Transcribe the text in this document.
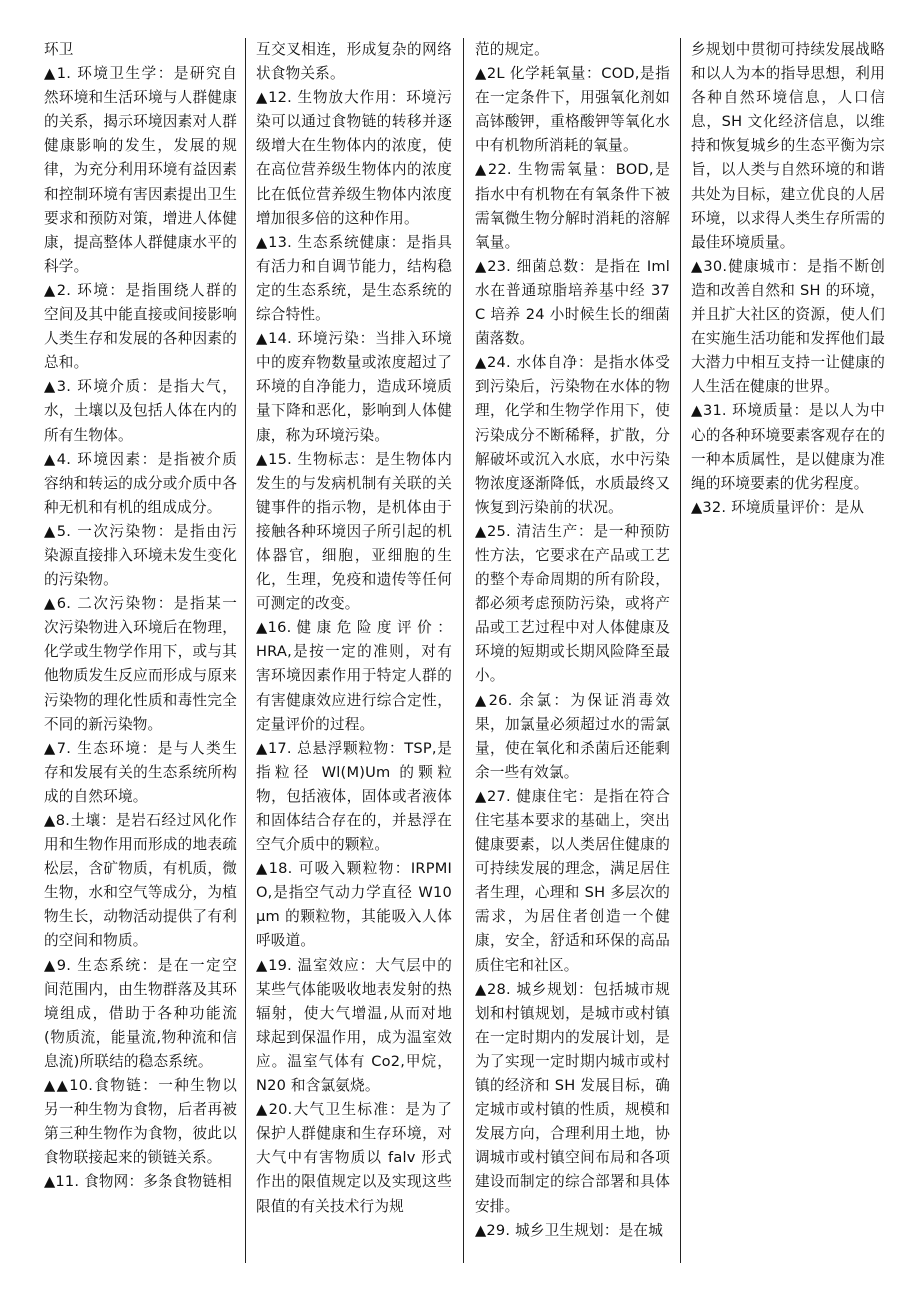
环卫

▲1. 环境卫生学：是研究自然环境和生活环境与人群健康的关系，揭示环境因素对人群健康影响的发生，发展的规律，为充分利用环境有益因素和控制环境有害因素提出卫生要求和预防对策，增进人体健康，提高整体人群健康水平的科学。

▲2. 环境：是指围绕人群的空间及其中能直接或间接影响人类生存和发展的各种因素的总和。

▲3. 环境介质：是指大气，水，土壤以及包括人体在内的所有生物体。

▲4. 环境因素：是指被介质容纳和转运的成分或介质中各种无机和有机的组成成分。

▲5. 一次污染物：是指由污染源直接排入环境未发生变化的污染物。

▲6. 二次污染物：是指某一次污染物进入环境后在物理，化学或生物学作用下，或与其他物质发生反应而形成与原来污染物的理化性质和毒性完全不同的新污染物。

▲7. 生态环境：是与人类生存和发展有关的生态系统所构成的自然环境。

▲8.土壤：是岩石经过风化作用和生物作用而形成的地表疏松层，含矿物质，有机质，微生物，水和空气等成分，为植物生长，动物活动提供了有利的空间和物质。

▲9. 生态系统：是在一定空间范围内，由生物群落及其环境组成，借助于各种功能流(物质流，能量流,物种流和信息流)所联结的稳态系统。

▲▲10.食物链：一种生物以另一种生物为食物，后者再被第三种生物作为食物，彼此以食物联接起来的锁链关系。

▲11. 食物网：多条食物链相

互交叉相连，形成复杂的网络状食物关系。

▲12. 生物放大作用：环境污染可以通过食物链的转移并逐级增大在生物体内的浓度，使在高位营养级生物体内的浓度比在低位营养级生物体内浓度增加很多倍的这种作用。

▲13. 生态系统健康：是指具有活力和自调节能力，结构稳定的生态系统，是生态系统的综合特性。

▲14. 环境污染：当排入环境中的废弃物数量或浓度超过了环境的自净能力，造成环境质量下降和恶化，影响到人体健康，称为环境污染。

▲15. 生物标志：是生物体内发生的与发病机制有关联的关键事件的指示物，是机体由于接触各种环境因子所引起的机体器官，细胞，亚细胞的生化，生理，免疫和遗传等任何可测定的改变。

▲16. 健 康 危 险 度 评 价 ：HRA,是按一定的准则，对有害环境因素作用于特定人群的有害健康效应进行综合定性，定量评价的过程。

▲17. 总悬浮颗粒物：TSP,是指粒径 Wl(M)Um 的颗粒物，包括液体，固体或者液体和固体结合存在的，并悬浮在空气介质中的颗粒。

▲18. 可吸入颗粒物：IRPMIO,是指空气动力学直径 W10μm 的颗粒物，其能吸入人体呼吸道。

▲19. 温室效应：大气层中的某些气体能吸收地表发射的热辐射，使大气增温,从而对地球起到保温作用，成为温室效应。温室气体有 Co2,甲烷，N20 和含氯氨烧。

▲20.大气卫生标准：是为了保护人群健康和生存环境，对大气中有害物质以 falv 形式作出的限值规定以及实现这些限值的有关技术行为规

范的规定。

▲2L 化学耗氧量：COD,是指在一定条件下，用强氧化剂如高钵酸钾，重格酸钾等氧化水中有机物所消耗的氧量。

▲22. 生物需氧量：BOD,是指水中有机物在有氧条件下被需氧微生物分解时消耗的溶解氧量。

▲23. 细菌总数：是指在 Iml 水在普通琼脂培养基中经 37C 培养 24 小时候生长的细菌菌落数。

▲24. 水体自净：是指水体受到污染后，污染物在水体的物理，化学和生物学作用下，使污染成分不断稀释，扩散，分解破坏或沉入水底，水中污染物浓度逐渐降低，水质最终又恢复到污染前的状况。

▲25. 清洁生产：是一种预防性方法，它要求在产品或工艺的整个寿命周期的所有阶段，都必须考虑预防污染，或将产品或工艺过程中对人体健康及环境的短期或长期风险降至最小。

▲26. 余氯：为保证消毒效果，加氯量必须超过水的需氯量，使在氧化和杀菌后还能剩余一些有效氯。

▲27. 健康住宅：是指在符合住宅基本要求的基础上，突出健康要素，以人类居住健康的可持续发展的理念，满足居住者生理，心理和 SH 多层次的需求，为居住者创造一个健康，安全，舒适和环保的高品质住宅和社区。

▲28. 城乡规划：包括城市规划和村镇规划，是城市或村镇在一定时期内的发展计划，是为了实现一定时期内城市或村镇的经济和 SH 发展目标，确定城市或村镇的性质，规模和发展方向，合理利用土地，协调城市或村镇空间布局和各项建设而制定的综合部署和具体安排。

▲29. 城乡卫生规划：是在城

乡规划中贯彻可持续发展战略和以人为本的指导思想，利用各种自然环境信息，人口信息，SH 文化经济信息，以维持和恢复城乡的生态平衡为宗旨，以人类与自然环境的和谐共处为目标，建立优良的人居环境，以求得人类生存所需的最佳环境质量。

▲30.健康城市：是指不断创造和改善自然和 SH 的环境，并且扩大社区的资源，使人们在实施生活功能和发挥他们最大潜力中相互支持一让健康的人生活在健康的世界。

▲31. 环境质量：是以人为中心的各种环境要素客观存在的一种本质属性，是以健康为准绳的环境要素的优劣程度。

▲32. 环境质量评价：是从
